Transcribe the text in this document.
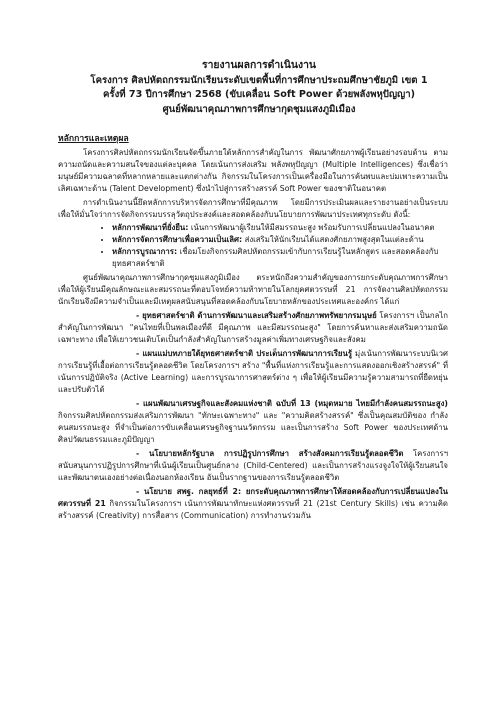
รายงานผลการดำเนินงาน
โครงการ ศิลปหัตถกรรมนักเรียนระดับเขตพื้นที่การศึกษาประถมศึกษาชัยภูมิ เขต 1
ครั้งที่ 73 ปีการศึกษา 2568 (ขับเคลื่อน Soft Power ด้วยพลังพหุปัญญา)
ศูนย์พัฒนาคุณภาพการศึกษากุดชุมแสงภูมิเมือง
หลักการและเหตุผล
โครงการศิลปหัตถกรรมนักเรียนจัดขึ้นภายใต้หลักการสำคัญในการ พัฒนาศักยภาพผู้เรียนอย่างรอบด้าน ตามความถนัดและความสนใจของแต่ละบุคคล โดยเน้นการส่งเสริม พลังพหุปัญญา (Multiple Intelligences) ซึ่งเชื่อว่ามนุษย์มีความฉลาดที่หลากหลายและแตกต่างกัน กิจกรรมในโครงการเป็นเครื่องมือในการค้นพบและบ่มเพาะความเป็นเลิศเฉพาะด้าน (Talent Development) ซึ่งนำไปสู่การสร้างสรรค์ Soft Power ของชาติในอนาคต
การดำเนินงานนี้ยึดหลักการบริหารจัดการศึกษาที่มีคุณภาพ โดยมีการประเมินผลและรายงานอย่างเป็นระบบ เพื่อให้มั่นใจว่าการจัดกิจกรรมบรรลุวัตถุประสงค์และสอดคล้องกับนโยบายการพัฒนาประเทศทุกระดับ ดังนี้:
• หลักการพัฒนาที่ยั่งยืน: เน้นการพัฒนาผู้เรียนให้มีสมรรถนะสูง พร้อมรับการเปลี่ยนแปลงในอนาคต
• หลักการจัดการศึกษาเพื่อความเป็นเลิศ: ส่งเสริมให้นักเรียนได้แสดงศักยภาพสูงสุดในแต่ละด้าน
• หลักการบูรณาการ: เชื่อมโยงกิจกรรมศิลปหัตถกรรมเข้ากับการเรียนรู้ในหลักสูตร และสอดคล้องกับยุทธศาสตร์ชาติ
ศูนย์พัฒนาคุณภาพการศึกษากุดชุมแสงภูมิเมือง ตระหนักถึงความสำคัญของการยกระดับคุณภาพการศึกษา เพื่อให้ผู้เรียนมีคุณลักษณะและสมรรถนะที่ตอบโจทย์ความท้าทายในโลกยุคศตวรรษที่ 21 การจัดงานศิลปหัตถกรรมนักเรียนจึงมีความจำเป็นและมีเหตุผลสนับสนุนที่สอดคล้องกับนโยบายหลักของประเทศและองค์กร ได้แก่
- ยุทธศาสตร์ชาติ ด้านการพัฒนาและเสริมสร้างศักยภาพทรัพยากรมนุษย์ โครงการฯ เป็นกลไกสำคัญในการพัฒนา "คนไทยที่เป็นพลเมืองที่ดี มีคุณภาพ และมีสมรรถนะสูง" โดยการค้นหาและส่งเสริมความถนัดเฉพาะทาง เพื่อให้เยาวชนเติบโตเป็นกำลังสำคัญในการสร้างมูลค่าเพิ่มทางเศรษฐกิจและสังคม
- แผนแม่บทภายใต้ยุทธศาสตร์ชาติ ประเด็นการพัฒนาการเรียนรู้ มุ่งเน้นการพัฒนาระบบนิเวศการเรียนรู้ที่เอื้อต่อการเรียนรู้ตลอดชีวิต โดยโครงการฯ สร้าง "พื้นที่แห่งการเรียนรู้และการแสดงออกเชิงสร้างสรรค์" ที่เน้นการปฏิบัติจริง (Active Learning) และการบูรณาการศาสตร์ต่าง ๆ เพื่อให้ผู้เรียนมีความรู้ความสามารถที่ยืดหยุ่นและปรับตัวได้
- แผนพัฒนาเศรษฐกิจและสังคมแห่งชาติ ฉบับที่ 13 (หมุดหมาย ไทยมีกำลังคนสมรรถนะสูง) กิจกรรมศิลปหัตถกรรมส่งเสริมการพัฒนา "ทักษะเฉพาะทาง" และ "ความคิดสร้างสรรค์" ซึ่งเป็นคุณสมบัติของ กำลังคนสมรรถนะสูง ที่จำเป็นต่อการขับเคลื่อนเศรษฐกิจฐานนวัตกรรม และเป็นการสร้าง Soft Power ของประเทศด้านศิลปวัฒนธรรมและภูมิปัญญา
- นโยบายหลักรัฐบาล การปฏิรูปการศึกษา สร้างสังคมการเรียนรู้ตลอดชีวิต โครงการฯ สนับสนุนการปฏิรูปการศึกษาที่เน้นผู้เรียนเป็นศูนย์กลาง (Child-Centered) และเป็นการสร้างแรงจูงใจให้ผู้เรียนสนใจและพัฒนาตนเองอย่างต่อเนื่องนอกห้องเรียน อันเป็นรากฐานของการเรียนรู้ตลอดชีวิต
- นโยบาย สพฐ. กลยุทธ์ที่ 2: ยกระดับคุณภาพการศึกษาให้สอดคล้องกับการเปลี่ยนแปลงในศตวรรษที่ 21 กิจกรรมในโครงการฯ เน้นการพัฒนาทักษะแห่งศตวรรษที่ 21 (21st Century Skills) เช่น ความคิดสร้างสรรค์ (Creativity) การสื่อสาร (Communication) การทำงานร่วมกัน
